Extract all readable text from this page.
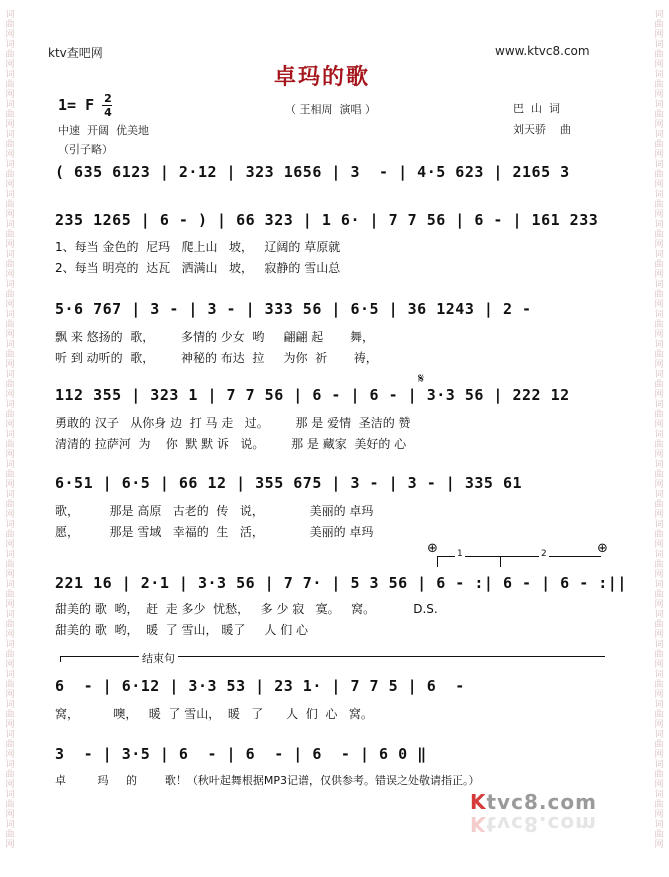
词
曲
网
词
曲
网
词
曲
网
词
曲
网
词
曲
网
词
曲
网
词
曲
网
词
曲
网
词
曲
网
词
曲
网
词
曲
网
词
曲
网
词
曲
网
词
曲
网
词
曲
网
词
曲
网
词
曲
网
词
曲
网
词
曲
网
词
曲
网
词
曲
网
词
曲
网
词
曲
网
词
曲
网
词
曲
网
词
曲
网
词
曲
网
词
曲
网
词
曲
网
词
曲
网
词
曲
网
词
曲
网
词
曲
网
词
曲
网
词
曲
网
词
曲
网
词
曲
网
词
曲
网
词
曲
网
词
曲
网
词
曲
网
词
曲
网
词
曲
网
词
曲
网
词
曲
网
词
曲
网
词
曲
网
词
曲
网
词
曲
网
词
曲
网
词
曲
网
词
曲
网
词
曲
网
词
曲
网
词
曲
网
词
曲
网
ktv查吧网	www.ktvc8.com
卓玛的歌
（ 王相周  演唱 ）	巴  山  词
刘天骄    曲
1= F 2
4
中速  开阔  优美地
（引子略）
( 635 6123 | 2·12 | 323 1656 | 3  - | 4·5 623 | 2165 3
235 1265 | 6 - ) | 66 323 | 1 6· | 7 7 56 | 6 - | 161 233
1、每当 金色的  尼玛   爬上山   坡，   辽阔的 草原就
2、每当 明亮的  达瓦   洒满山   坡，   寂静的 雪山总
5·6 767 | 3 - | 3 - | 333 56 | 6·5 | 36 1243 | 2 -
飘 来 悠扬的  歌，       多情的 少女  哟     翩翩 起       舞，
听 到 动听的  歌，       神秘的 布达  拉     为你  祈       祷，
𝄋
112 355 | 323 1 | 7 7 56 | 6 - | 6 - | 3·3 56 | 222 12
勇敢的 汉子   从你身 边  打 马 走   过。       那 是 爱情  圣洁的 赞
清清的 拉萨河  为    你  默 默 诉   说。       那 是 藏家  美好的 心
6·51 | 6·5 | 66 12 | 355 675 | 3 - | 3 - | 335 61
歌，        那是 高原   古老的  传   说，            美丽的 卓玛
愿，        那是 雪域   幸福的  生   活，            美丽的 卓玛
⊕	⊕
1	2
221 16 | 2·1 | 3·3 56 | 7 7· | 5 3 56 | 6 - :| 6 - | 6 - :||
甜美的 歌  哟，  赶  走 多少  忧愁，   多 少 寂   寞。   窝。          D.S.
甜美的 歌  哟，  暖  了 雪山， 暖了     人 们 心
结束句
6  - | 6·12 | 3·3 53 | 23 1· | 7 7 5 | 6  -
窝，         噢，   暖  了 雪山，  暖   了      人  们  心   窝。
3  - | 3·5 | 6  - | 6  - | 6  - | 6 0 ‖
卓         玛     的        歌！（秋叶起舞根据MP3记谱，仅供参考。错误之处敬请指正。）
Ktvc8.com
Ktvc8.com
